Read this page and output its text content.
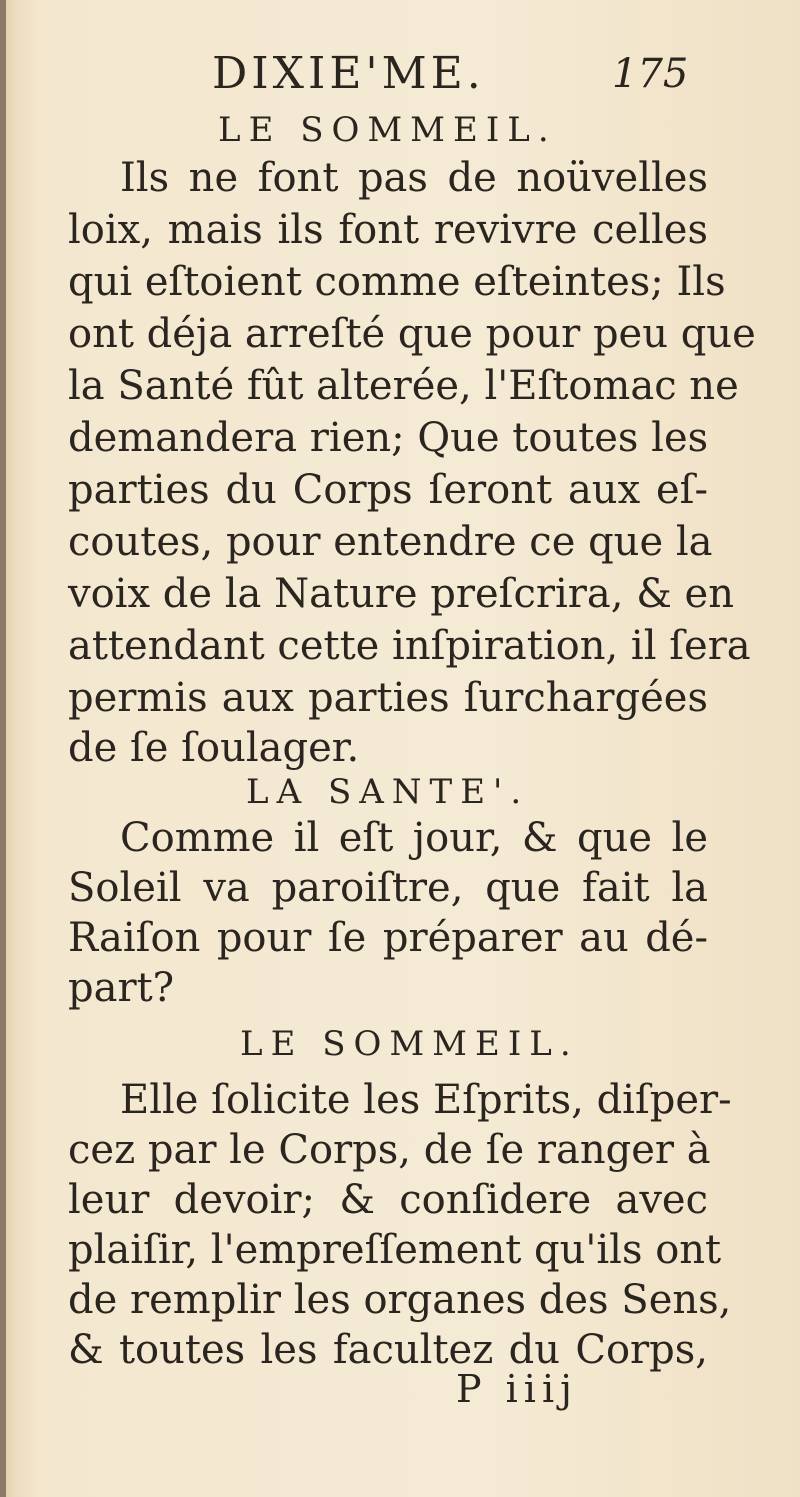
DIXIE'ME.	175
LE SOMMEIL.
Ils ne font pas de noüvelles
loix, mais ils font revivre celles
qui eſtoient comme eſteintes; Ils
ont déja arreſté que pour peu que
la Santé fût alterée, l'Eſtomac ne
demandera rien; Que toutes les
parties du Corps ſeront aux eſ-
coutes, pour entendre ce que la
voix de la Nature preſcrira, & en
attendant cette inſpiration, il ſera
permis aux parties ſurchargées
de ſe ſoulager.
LA SANTE'.
Comme il eſt jour, & que le
Soleil va paroiſtre, que fait la
Raiſon pour ſe préparer au dé-
part?
LE SOMMEIL.
Elle ſolicite les Eſprits, diſper-
cez par le Corps, de ſe ranger à
leur devoir; & conſidere avec
plaiſir, l'empreſſement qu'ils ont
de remplir les organes des Sens,
& toutes les facultez du Corps,
P iiij
